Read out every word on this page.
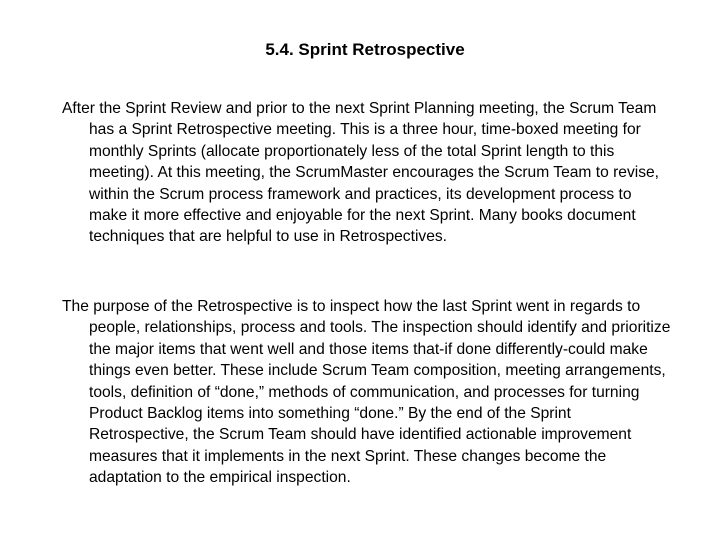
5.4. Sprint Retrospective

After the Sprint Review and prior to the next Sprint Planning meeting, the Scrum Team has a Sprint Retrospective meeting. This is a three hour, time-boxed meeting for monthly Sprints (allocate proportionately less of the total Sprint length to this meeting). At this meeting, the ScrumMaster encourages the Scrum Team to revise, within the Scrum process framework and practices, its development process to make it more effective and enjoyable for the next Sprint. Many books document techniques that are helpful to use in Retrospectives.

The purpose of the Retrospective is to inspect how the last Sprint went in regards to people, relationships, process and tools. The inspection should identify and prioritize the major items that went well and those items that-if done differently-could make things even better. These include Scrum Team composition, meeting arrangements, tools, definition of “done,” methods of communication, and processes for turning Product Backlog items into something “done.” By the end of the Sprint Retrospective, the Scrum Team should have identified actionable improvement measures that it implements in the next Sprint. These changes become the adaptation to the empirical inspection.
